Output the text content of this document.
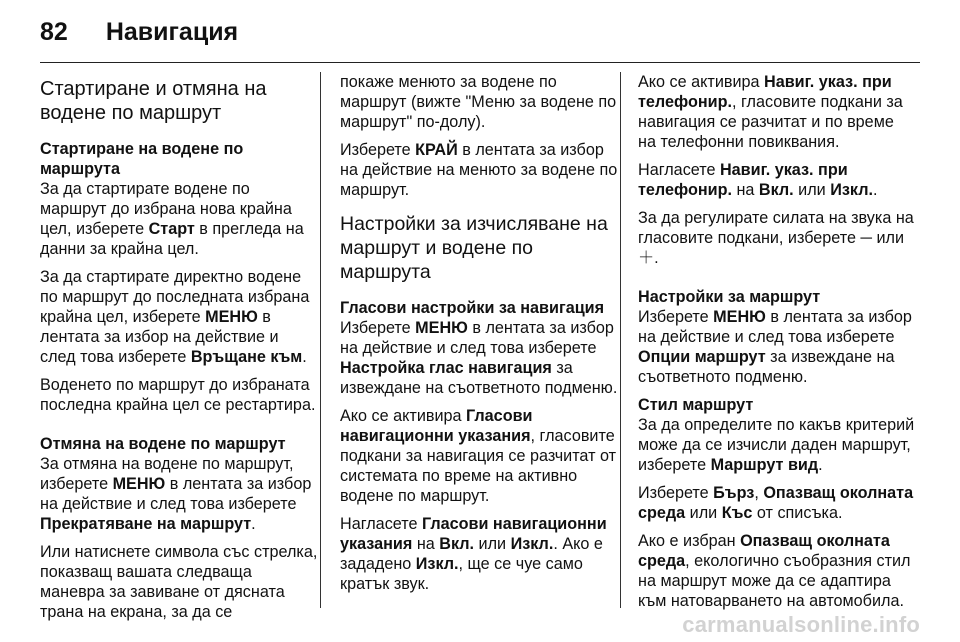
82 Навигация
Стартиране и отмяна на водене по маршрут
Стартиране на водене по маршрута

За да стартирате водене по маршрут до избрана нова крайна цел, изберете Старт в прегледа на данни за крайна цел.

За да стартирате директно водене по маршрут до последната избрана крайна цел, изберете МЕНЮ в лентата за избор на действие и след това изберете Връщане към.

Воденето по маршрут до избраната последна крайна цел се рестартира.

Отмяна на водене по маршрут

За отмяна на водене по маршрут, изберете МЕНЮ в лентата за избор на действие и след това изберете Прекратяване на маршрут.

Или натиснете символа със стрелка, показващ вашата следваща маневра за завиване от дясната трана на екрана, за да се

покаже менюто за водене по маршрут (вижте "Меню за водене по маршрут" по-долу).

Изберете КРАЙ в лентата за избор на действие на менюто за водене по маршрут.

Настройки за изчисляване на маршрут и водене по маршрута
Гласови настройки за навигация

Изберете МЕНЮ в лентата за избор на действие и след това изберете Настройка глас навигация за извеждане на съответното подменю.

Ако се активира Гласови навигационни указания, гласовите подкани за навигация се разчитат от системата по време на активно водене по маршрут.

Нагласете Гласови навигационни указания на Вкл. или Изкл.. Ако е зададено Изкл., ще се чуе само кратък звук.

Ако се активира Навиг. указ. при телефонир., гласовите подкани за навигация се разчитат и по време на телефонни повиквания.

Нагласете Навиг. указ. при телефонир. на Вкл. или Изкл..

За да регулирате силата на звука на гласовите подкани, изберете ─ или ＋.

Настройки за маршрут

Изберете МЕНЮ в лентата за избор на действие и след това изберете Опции маршрут за извеждане на съответното подменю.

Стил маршрут

За да определите по какъв критерий може да се изчисли даден маршрут, изберете Маршрут вид.

Изберете Бърз, Опазващ околната среда или Къс от списъка.

Ако е избран Опазващ околната среда, екологично съобразния стил на маршрут може да се адаптира към натоварването на автомобила.

carmanualsonline.info
